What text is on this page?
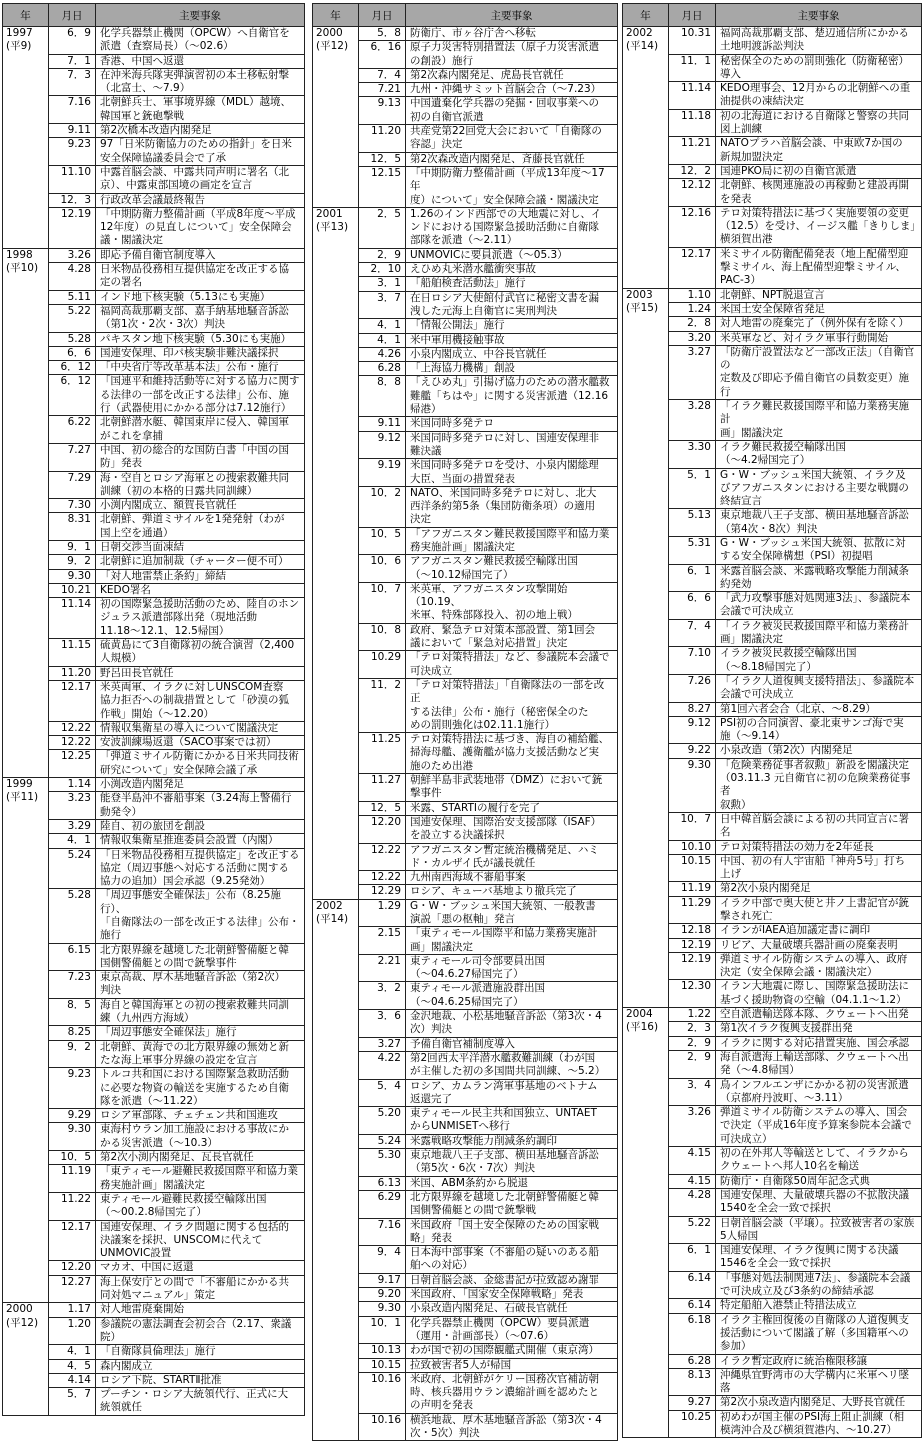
年	月日	主要事象

1997
(平9)	6．9	化学兵器禁止機関（OPCW）へ自衛官を
派遣（査察局長）（～02.6）

	7．1	香港、中国へ返還

	7．3	在沖米海兵隊実弾演習初の本土移転射撃
（北富士、～7.9）

	7.16	北朝鮮兵士、軍事境界線（MDL）越境、
韓国軍と銃砲撃戦

	9.11	第2次橋本改造内閣発足

	9.23	97「日米防衛協力のための指針」を日米
安全保障協議委員会で了承

	11.10	中露首脳会談、中露共同声明に署名（北
京）、中露東部国境の画定を宣言

	12．3	行政改革会議最終報告

	12.19	「中期防衛力整備計画（平成8年度～平成
12年度）の見直しについて」安全保障会
議・閣議決定

1998
(平10)	3.26	即応予備自衛官制度導入

	4.28	日米物品役務相互提供協定を改正する協
定の署名

	5.11	インド地下核実験（5.13にも実施）

	5.22	福岡高裁那覇支部、嘉手納基地騒音訴訟
（第1次・2次・3次）判決

	5.28	パキスタン地下核実験（5.30にも実施）

	6．6	国連安保理、印パ核実験非難決議採択

	6．12	「中央省庁等改革基本法」公布・施行

	6．12	「国連平和維持活動等に対する協力に関す
る法律の一部を改正する法律」公布、施
行（武器使用にかかる部分は7.12施行）

	6.22	北朝鮮潜水艇、韓国東岸に侵入、韓国軍
がこれを拿捕

	7.27	中国、初の総合的な国防白書「中国の国
防」発表

	7.29	海・空自とロシア海軍との捜索救難共同
訓練（初の本格的日露共同訓練）

	7.30	小渕内閣成立、額賀長官就任

	8.31	北朝鮮、弾道ミサイルを1発発射（わが
国上空を通過）

	9．1	日朝交渉当面凍結

	9．2	北朝鮮に追加制裁（チャーター便不可）

	9.30	「対人地雷禁止条約」締結

	10.21	KEDO署名

	11.14	初の国際緊急援助活動のため、陸自のホン
ジュラス派遣部隊出発（現地活動
11.18～12.1、12.5帰国）

	11.15	硫黄島にて3自衛隊初の統合演習（2,400
人規模）

	11.20	野呂田長官就任

	12.17	米英両軍、イラクに対しUNSCOM査察
協力拒否への制裁措置として「砂漠の狐
作戦」開始（～12.20）

	12.22	情報収集衛星の導入について閣議決定

	12.22	安波訓練場返還（SACO事案では初）

	12.25	「弾道ミサイル防衛にかかる日米共同技術
研究について」安全保障会議了承

1999
(平11)	1.14	小渕改造内閣発足

	3.23	能登半島沖不審船事案（3.24海上警備行
動発令）

	3.29	陸自、初の旅団を創設

	4．1	情報収集衛星推進委員会設置（内閣）

	5.24	「日米物品役務相互提供協定」を改正する
協定（周辺事態へ対応する活動に関する
協力の追加）国会承認（9.25発効）

	5.28	「周辺事態安全確保法」公布（8.25施行）、
「自衛隊法の一部を改正する法律」公布・
施行

	6.15	北方限界線を越境した北朝鮮警備艇と韓
国側警備艇との間で銃撃事件

	7.23	東京高裁、厚木基地騒音訴訟（第2次）
判決

	8．5	海自と韓国海軍との初の捜索救難共同訓
練（九州西方海域）

	8.25	「周辺事態安全確保法」施行

	9．2	北朝鮮、黄海での北方限界線の無効と新
たな海上軍事分界線の設定を宣言

	9.23	トルコ共和国における国際緊急救助活動
に必要な物資の輸送を実施するため自衛
隊を派遣（～11.22）

	9.29	ロシア軍部隊、チェチェン共和国進攻

	9.30	東海村ウラン加工施設における事故にか
かる災害派遣（～10.3）

	10．5	第2次小渕内閣発足、瓦長官就任

	11.19	「東ティモール避難民救援国際平和協力業
務実施計画」閣議決定

	11.22	東ティモール避難民救援空輸隊出国
（～00.2.8帰国完了）

	12.17	国連安保理、イラク問題に関する包括的
決議案を採択、UNSCOMに代えて
UNMOVIC設置

	12.20	マカオ、中国に返還

	12.27	海上保安庁との間で「不審船にかかる共
同対処マニュアル」策定

2000
(平12)	1.17	対人地雷廃棄開始

	1.20	参議院の憲法調査会初会合（2.17、衆議院）

	4．1	「自衛隊員倫理法」施行

	4．5	森内閣成立

	4.14	ロシア下院、STARTⅡ批准

	5．7	プーチン・ロシア大統領代行、正式に大
統領就任
年	月日	主要事象

2000
(平12)	5．8	防衛庁、市ヶ谷庁舎へ移転

	6．16	原子力災害特別措置法（原子力災害派遣
の創設）施行

	7．4	第2次森内閣発足、虎島長官就任

	7.21	九州・沖縄サミット首脳会合（～7.23）

	9.13	中国遺棄化学兵器の発掘・回収事業への
初の自衛官派遣

	11.20	共産党第22回党大会において「自衛隊の
容認」決定

	12．5	第2次森改造内閣発足、斉藤長官就任

	12.15	「中期防衛力整備計画（平成13年度～17年
度）について」安全保障会議・閣議決定

2001
(平13)	2．5	1.26のインド西部での大地震に対し、イ
ンドにおける国際緊急援助活動に自衛隊
部隊を派遣（～2.11）

	2．9	UNMOVICに要員派遣（～05.3）

	2．10	えひめ丸米潜水艦衝突事故

	3．1	「船舶検査活動法」施行

	3．7	在日ロシア大使館付武官に秘密文書を漏
洩した元海上自衛官に実刑判決

	4．1	「情報公開法」施行

	4．1	米中軍用機接触事故

	4.26	小泉内閣成立、中谷長官就任

	6.28	「上海協力機構」創設

	8．8	「えひめ丸」引揚げ協力のための潜水艦救
難艦「ちはや」に関する災害派遣（12.16
帰港）

	9.11	米国同時多発テロ

	9.12	米国同時多発テロに対し、国連安保理非
難決議

	9.19	米国同時多発テロを受け、小泉内閣総理
大臣、当面の措置発表

	10．2	NATO、米国同時多発テロに対し、北大
西洋条約第5条（集団防衛条項）の適用
決定

	10．5	「アフガニスタン難民救援国際平和協力業
務実施計画」閣議決定

	10．6	アフガニスタン難民救援空輸隊出国
（～10.12帰国完了）

	10．7	米英軍、アフガニスタン攻撃開始（10.19、
米軍、特殊部隊投入、初の地上戦）

	10．8	政府、緊急テロ対策本部設置、第1回会
議において「緊急対応措置」決定

	10.29	「テロ対策特措法」など、参議院本会議で
可決成立

	11．2	「テロ対策特措法」「自衛隊法の一部を改正
する法律」公布・施行（秘密保全のた
めの罰則強化は02.11.1施行）

	11.25	テロ対策特措法に基づき、海自の補給艦、
掃海母艦、護衛艦が協力支援活動など実
施のため出港

	11.27	朝鮮半島非武装地帯（DMZ）において銃
撃事件

	12．5	米露、STARTⅠの履行を完了

	12.20	国連安保理、国際治安支援部隊（ISAF）
を設立する決議採択

	12.22	アフガニスタン暫定統治機構発足、ハミ
ド・カルザイ氏が議長就任

	12.22	九州南西海域不審船事案

	12.29	ロシア、キューバ基地より撤兵完了

2002
(平14)	1.29	G・W・ブッシュ米国大統領、一般教書
演説「悪の枢軸」発言

	2.15	「東ティモール国際平和協力業務実施計
画」閣議決定

	2.21	東ティモール司令部要員出国
（～04.6.27帰国完了）

	3．2	東ティモール派遣施設群出国
（～04.6.25帰国完了）

	3．6	金沢地裁、小松基地騒音訴訟（第3次・4
次）判決

	3.27	予備自衛官補制度導入

	4.22	第2回西太平洋潜水艦救難訓練（わが国
が主催した初の多国間共同訓練、～5.2）

	5．4	ロシア、カムラン湾軍事基地のベトナム
返還完了

	5.20	東ティモール民主共和国独立、UNTAET
からUNMISETへ移行

	5.24	米露戦略攻撃能力削減条約調印

	5.30	東京地裁八王子支部、横田基地騒音訴訟
（第5次・6次・7次）判決

	6.13	米国、ABM条約から脱退

	6.29	北方限界線を越境した北朝鮮警備艇と韓
国側警備艇との間で銃撃戦

	7.16	米国政府「国土安全保障のための国家戦
略」発表

	9．4	日本海中部事案（不審船の疑いのある船
舶への対応）

	9.17	日朝首脳会談、金総書記が拉致認め謝罪

	9.20	米国政府、「国家安全保障戦略」発表

	9.30	小泉改造内閣発足、石破長官就任

	10．1	化学兵器禁止機関（OPCW）要員派遣
（運用・計画部長）（～07.6）

	10.13	わが国で初の国際観艦式開催（東京湾）

	10.15	拉致被害者5人が帰国

	10.16	米政府、北朝鮮がケリー国務次官補訪朝
時、核兵器用ウラン濃縮計画を認めたと
の声明を発表

	10.16	横浜地裁、厚木基地騒音訴訟（第3次・4
次・5次）判決
年	月日	主要事象

2002
(平14)	10.31	福岡高裁那覇支部、楚辺通信所にかかる
土地明渡訴訟判決

	11．1	秘密保全のための罰則強化（防衛秘密）
導入

	11.14	KEDO理事会、12月からの北朝鮮への重
油提供の凍結決定

	11.18	初の北海道における自衛隊と警察の共同
図上訓練

	11.21	NATOプラハ首脳会談、中東欧7か国の
新規加盟決定

	12．2	国連PKO局に初の自衛官派遣

	12.12	北朝鮮、核関連施設の再稼動と建設再開
を発表

	12.16	テロ対策特措法に基づく実施要領の変更
（12.5）を受け、イージス艦「きりしま」
横須賀出港

	12.17	米ミサイル防衛配備発表（地上配備型迎
撃ミサイル、海上配備型迎撃ミサイル、
PAC-3）

2003
(平15)	1.10	北朝鮮、NPT脱退宣言

	1.24	米国土安全保障省発足

	2．8	対人地雷の廃棄完了（例外保有を除く）

	3.20	米英軍など、対イラク軍事行動開始

	3.27	「防衛庁設置法など一部改正法」（自衛官の
定数及び即応予備自衛官の員数変更）施行

	3.28	「イラク難民救援国際平和協力業務実施計
画」閣議決定

	3.30	イラク難民救援空輸隊出国
（～4.2帰国完了）

	5．1	G・W・ブッシュ米国大統領、イラク及
びアフガニスタンにおける主要な戦闘の
終結宣言

	5.13	東京地裁八王子支部、横田基地騒音訴訟
（第4次・8次）判決

	5.31	G・W・ブッシュ米国大統領、拡散に対
する安全保障構想（PSI）初提唱

	6．1	米露首脳会談、米露戦略攻撃能力削減条
約発効

	6．6	「武力攻撃事態対処関連3法」、参議院本
会議で可決成立

	7．4	「イラク被災民救援国際平和協力業務計
画」閣議決定

	7.10	イラク被災民救援空輸隊出国
（～8.18帰国完了）

	7.26	「イラク人道復興支援特措法」、参議院本
会議で可決成立

	8.27	第1回六者会合（北京、～8.29）

	9.12	PSI初の合同演習、豪北東サンゴ海で実
施（～9.14）

	9.22	小泉改造（第2次）内閣発足

	9.30	「危険業務従事者叙勲」新設を閣議決定
（03.11.3 元自衛官に初の危険業務従事者
叙勲）

	10．7	日中韓首脳会談による初の共同宣言に署名

	10.10	テロ対策特措法の効力を2年延長

	10.15	中国、初の有人宇宙船「神舟5号」打ち
上げ

	11.19	第2次小泉内閣発足

	11.29	イラク中部で奥大使と井ノ上書記官が銃
撃され死亡

	12.18	イランがIAEA追加議定書に調印

	12.19	リビア、大量破壊兵器計画の廃棄表明

	12.19	弾道ミサイル防衛システムの導入、政府
決定（安全保障会議・閣議決定）

	12.30	イラン大地震に際し、国際緊急援助法に
基づく援助物資の空輸（04.1.1～1.2）

2004
(平16)	1.22	空自派遣輸送隊本隊、クウェートへ出発

	2．3	第1次イラク復興支援群出発

	2．9	イラクに関する対応措置実施、国会承認

	2．9	海自派遣海上輸送部隊、クウェートへ出
発（～4.8帰国）

	3．4	鳥インフルエンザにかかる初の災害派遣
（京都府丹波町、～3.11）

	3.26	弾道ミサイル防衛システムの導入、国会
で決定（平成16年度予算案参院本会議で
可決成立）

	4.15	初の在外邦人等輸送として、イラクから
クウェートへ邦人10名を輸送

	4.15	防衛庁・自衛隊50周年記念式典

	4.28	国連安保理、大量破壊兵器の不拡散決議
1540を全会一致で採択

	5.22	日朝首脳会談（平壌）。拉致被害者の家族
5人帰国

	6．1	国連安保理、イラク復興に関する決議
1546を全会一致で採択

	6.14	「事態対処法制関連7法」、参議院本会議
で可決成立及び3条約の締結承認

	6.14	特定船舶入港禁止特措法成立

	6.18	イラク主権回復後の自衛隊の人道復興支
援活動について閣議了解（多国籍軍への
参加）

	6.28	イラク暫定政府に統治権限移譲

	8.13	沖縄県宜野湾市の大学構内に米軍ヘリ墜
落

	9.27	第2次小泉改造内閣発足、大野長官就任

	10.25	初めわが国主催のPSI海上阻止訓練（相
模湾沖合及び横須賀港内、～10.27）
